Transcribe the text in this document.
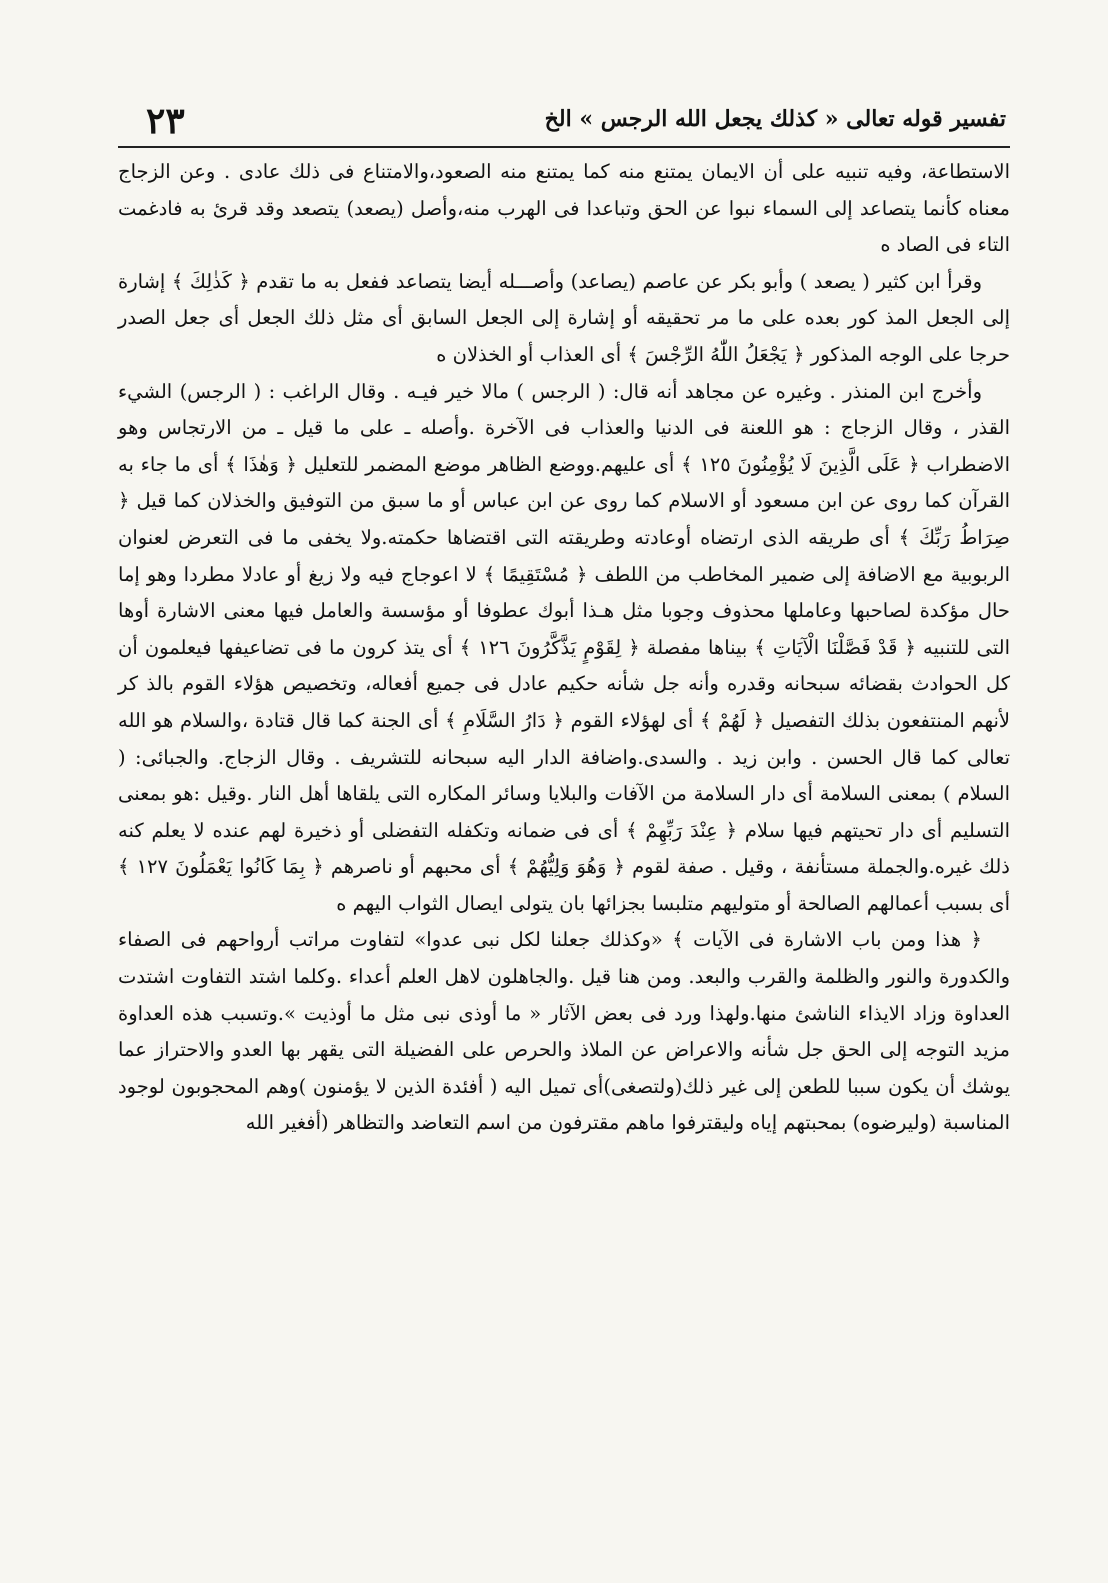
تفسير قوله تعالى « كذلك يجعل الله الرجس » الخ
٢٣

الاستطاعة، وفيه تنبيه على أن الايمان يمتنع منه كما يمتنع منه الصعود،والامتناع فى ذلك عادى . وعن الزجاج معناه كأنما يتصاعد إلى السماء نبوا عن الحق وتباعدا فى الهرب منه،وأصل (يصعد) يتصعد وقد قرئ به فادغمت التاء فى الصاد ه

وقرأ ابن كثير ( يصعد ) وأبو بكر عن عاصم (يصاعد) وأصـــله أيضا يتصاعد ففعل به ما تقدم ﴿ كَذٰلِكَ ﴾ إشارة إلى الجعل المذ كور بعده على ما مر تحقيقه أو إشارة إلى الجعل السابق أى مثل ذلك الجعل أى جعل الصدر حرجا على الوجه المذكور ﴿ يَجْعَلُ اللّٰهُ الرِّجْسَ ﴾ أى العذاب أو الخذلان ه

وأخرج ابن المنذر . وغيره عن مجاهد أنه قال: ( الرجس ) مالا خير فيـه . وقال الراغب : ( الرجس) الشيء القذر ، وقال الزجاج : هو اللعنة فى الدنيا والعذاب فى الآخرة .وأصله ـ على ما قيل ـ من الارتجاس وهو الاضطراب ﴿ عَلَى الَّذِينَ لَا يُؤْمِنُونَ ١٢٥ ﴾ أى عليهم.ووضع الظاهر موضع المضمر للتعليل ﴿ وَهٰذَا ﴾ أى ما جاء به القرآن كما روى عن ابن مسعود أو الاسلام كما روى عن ابن عباس أو ما سبق من التوفيق والخذلان كما قيل ﴿ صِرَاطُ رَبِّكَ ﴾ أى طريقه الذى ارتضاه أوعادته وطريقته التى اقتضاها حكمته.ولا يخفى ما فى التعرض لعنوان الربوبية مع الاضافة إلى ضمير المخاطب من اللطف ﴿ مُسْتَقِيمًا ﴾ لا اعوجاج فيه ولا زيغ أو عادلا مطردا وهو إما حال مؤكدة لصاحبها وعاملها محذوف وجوبا مثل هـذا أبوك عطوفا أو مؤسسة والعامل فيها معنى الاشارة أوها التى للتنبيه ﴿ قَدْ فَصَّلْنَا الْآيَاتِ ﴾ بيناها مفصلة ﴿ لِقَوْمٍ يَذَّكَّرُونَ ١٢٦ ﴾ أى يتذ كرون ما فى تضاعيفها فيعلمون أن كل الحوادث بقضائه سبحانه وقدره وأنه جل شأنه حكيم عادل فى جميع أفعاله، وتخصيص هؤلاء القوم بالذ كر لأنهم المنتفعون بذلك التفصيل ﴿ لَهُمْ ﴾ أى لهؤلاء القوم ﴿ دَارُ السَّلَامِ ﴾ أى الجنة كما قال قتادة ،والسلام هو الله تعالى كما قال الحسن . وابن زيد . والسدى.واضافة الدار اليه سبحانه للتشريف . وقال الزجاج. والجبائى: ( السلام ) بمعنى السلامة أى دار السلامة من الآفات والبلايا وسائر المكاره التى يلقاها أهل النار .وقيل :هو بمعنى التسليم أى دار تحيتهم فيها سلام ﴿ عِنْدَ رَبِّهِمْ ﴾ أى فى ضمانه وتكفله التفضلى أو ذخيرة لهم عنده لا يعلم كنه ذلك غيره.والجملة مستأنفة ، وقيل . صفة لقوم ﴿ وَهُوَ وَلِيُّهُمْ ﴾ أى محبهم أو ناصرهم ﴿ بِمَا كَانُوا يَعْمَلُونَ ١٢٧ ﴾ أى بسبب أعمالهم الصالحة أو متوليهم متلبسا بجزائها بان يتولى ايصال الثواب اليهم ه

﴿ هذا ومن باب الاشارة فى الآيات ﴾ «وكذلك جعلنا لكل نبى عدوا» لتفاوت مراتب أرواحهم فى الصفاء والكدورة والنور والظلمة والقرب والبعد. ومن هنا قيل .والجاهلون لاهل العلم أعداء .وكلما اشتد التفاوت اشتدت العداوة وزاد الايذاء الناشئ منها.ولهذا ورد فى بعض الآثار « ما أوذى نبى مثل ما أوذيت ».وتسبب هذه العداوة مزيد التوجه إلى الحق جل شأنه والاعراض عن الملاذ والحرص على الفضيلة التى يقهر بها العدو والاحتراز عما يوشك أن يكون سببا للطعن إلى غير ذلك(ولتصغى)أى تميل اليه ( أفئدة الذين لا يؤمنون )وهم المحجوبون لوجود المناسبة (وليرضوه) بمحبتهم إياه وليقترفوا ماهم مقترفون من اسم التعاضد والتظاهر (أفغير الله
